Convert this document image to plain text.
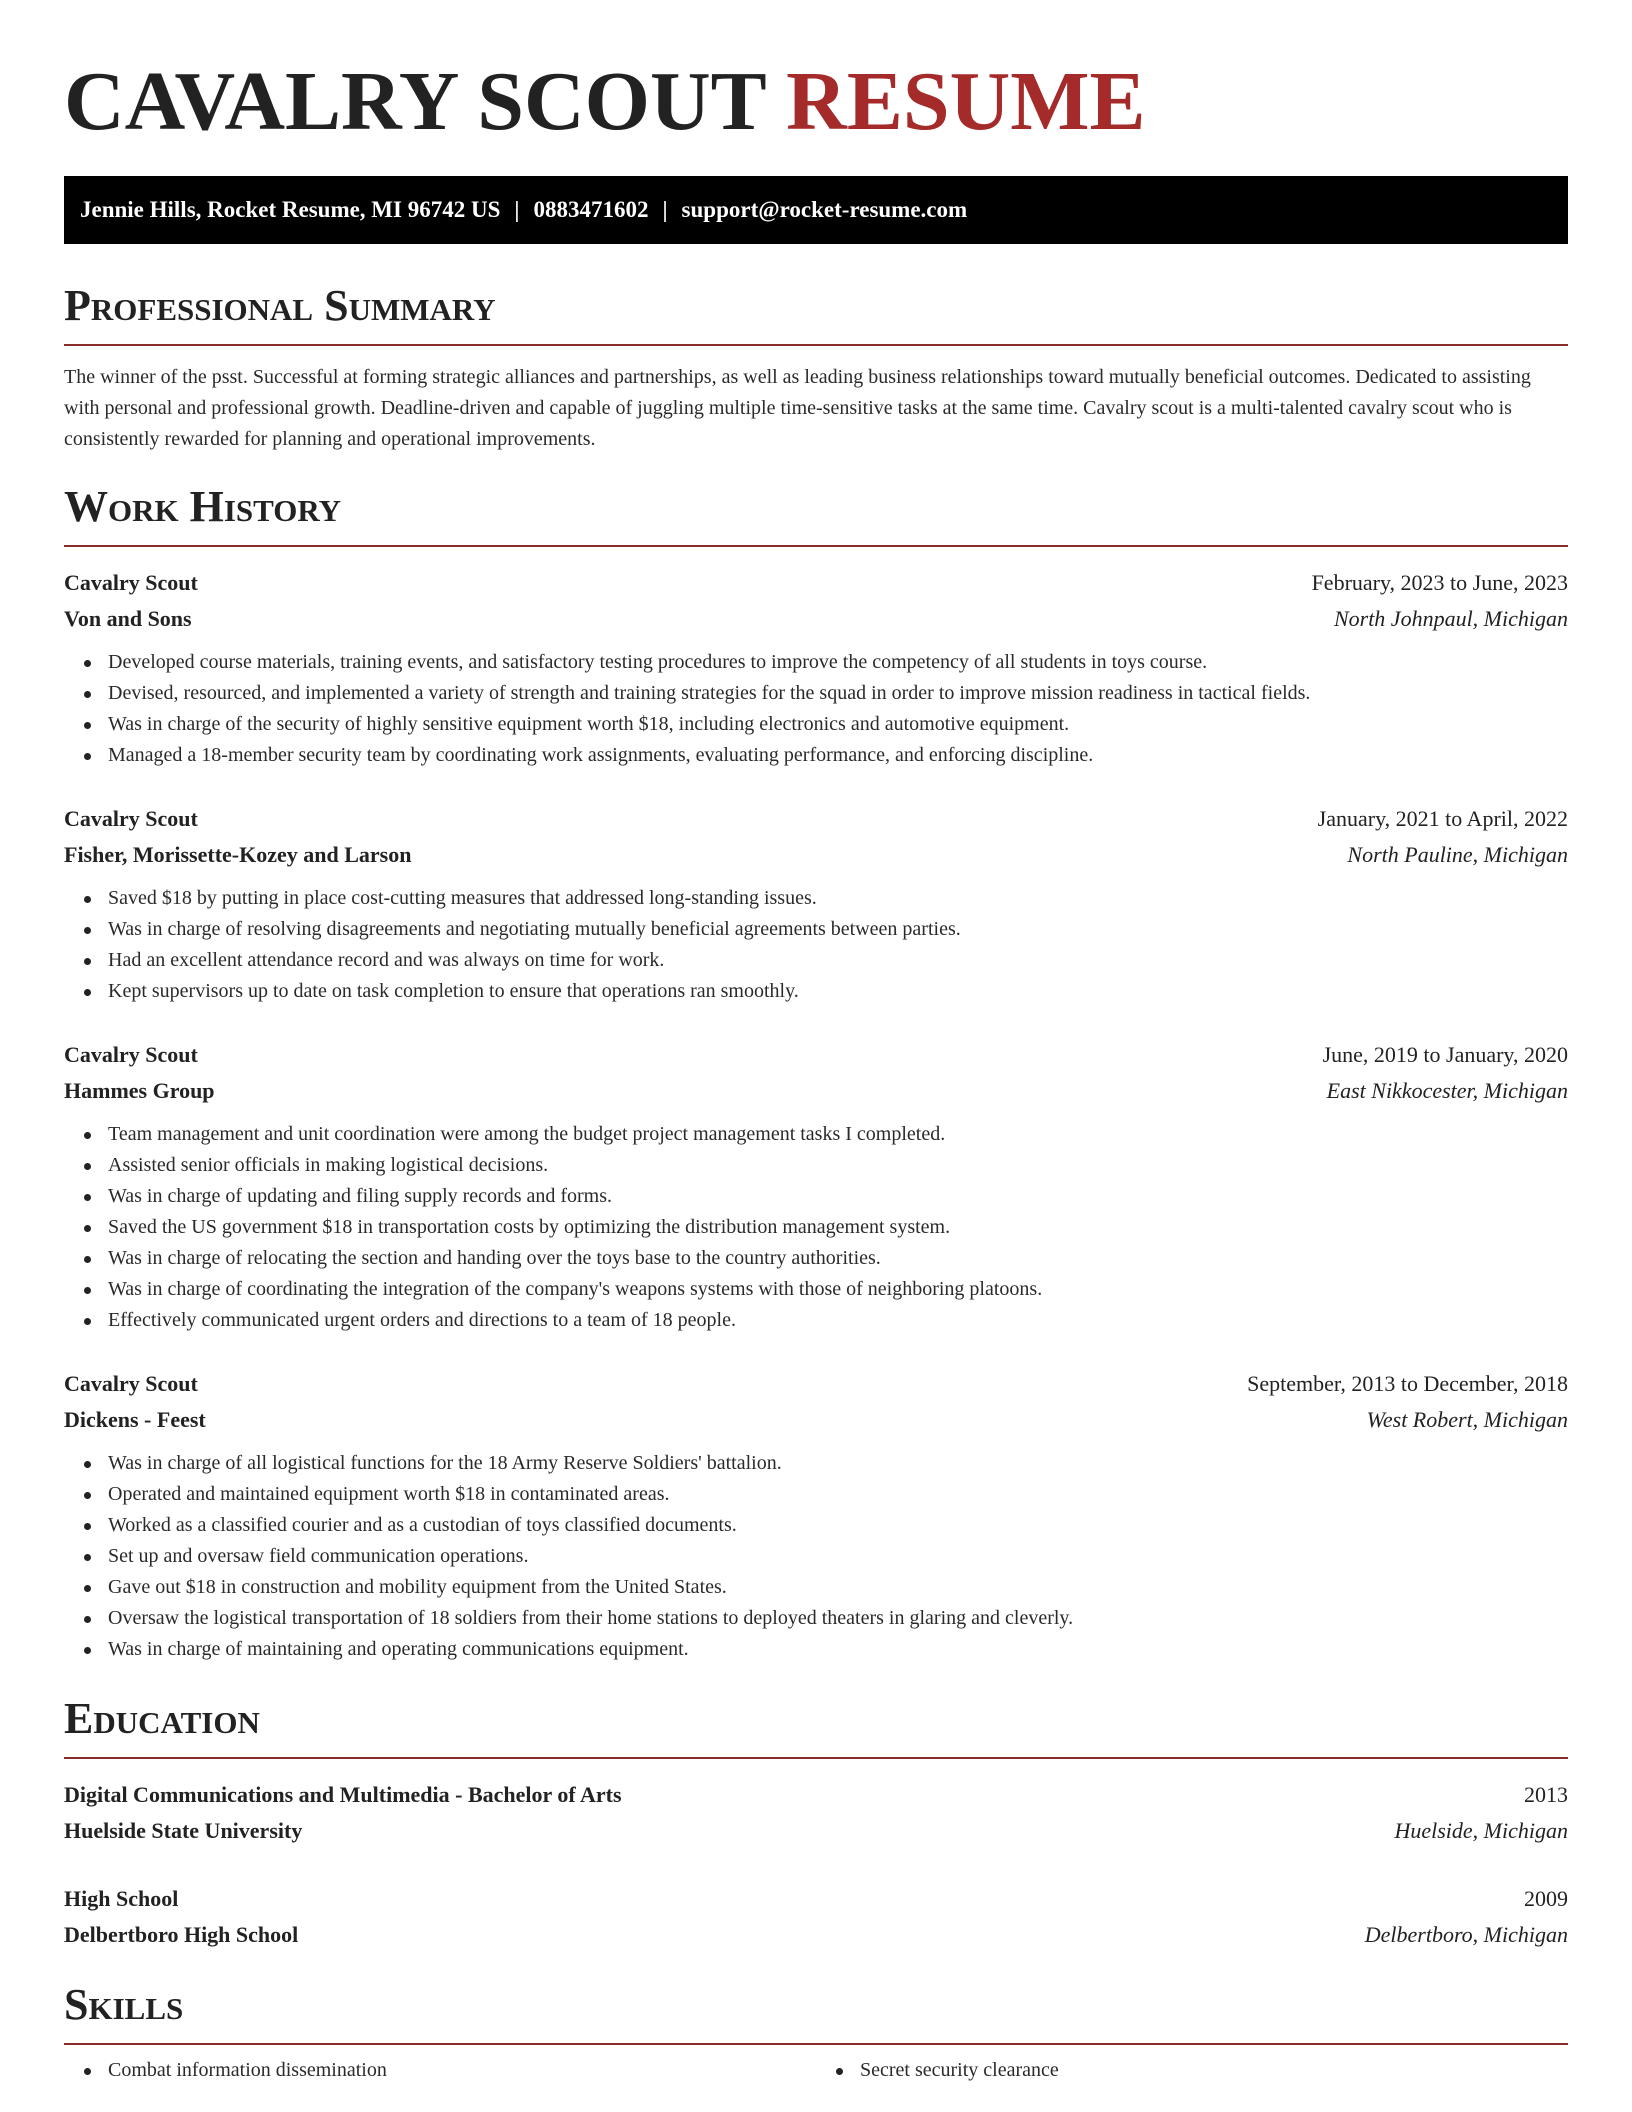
CAVALRY SCOUT RESUME
Jennie Hills, Rocket Resume, MI 96742 US | 0883471602 | support@rocket-resume.com
Professional Summary

The winner of the psst. Successful at forming strategic alliances and partnerships, as well as leading business relationships toward mutually beneficial outcomes. Dedicated to assisting with personal and professional growth. Deadline-driven and capable of juggling multiple time-sensitive tasks at the same time. Cavalry scout is a multi-talented cavalry scout who is consistently rewarded for planning and operational improvements.

Work History
Cavalry Scout	February, 2023 to June, 2023
Von and Sons	North Johnpaul, Michigan
Developed course materials, training events, and satisfactory testing procedures to improve the competency of all students in toys course.
Devised, resourced, and implemented a variety of strength and training strategies for the squad in order to improve mission readiness in tactical fields.
Was in charge of the security of highly sensitive equipment worth $18, including electronics and automotive equipment.
Managed a 18-member security team by coordinating work assignments, evaluating performance, and enforcing discipline.
Cavalry Scout	January, 2021 to April, 2022
Fisher, Morissette-Kozey and Larson	North Pauline, Michigan
Saved $18 by putting in place cost-cutting measures that addressed long-standing issues.
Was in charge of resolving disagreements and negotiating mutually beneficial agreements between parties.
Had an excellent attendance record and was always on time for work.
Kept supervisors up to date on task completion to ensure that operations ran smoothly.
Cavalry Scout	June, 2019 to January, 2020
Hammes Group	East Nikkocester, Michigan
Team management and unit coordination were among the budget project management tasks I completed.
Assisted senior officials in making logistical decisions.
Was in charge of updating and filing supply records and forms.
Saved the US government $18 in transportation costs by optimizing the distribution management system.
Was in charge of relocating the section and handing over the toys base to the country authorities.
Was in charge of coordinating the integration of the company's weapons systems with those of neighboring platoons.
Effectively communicated urgent orders and directions to a team of 18 people.
Cavalry Scout	September, 2013 to December, 2018
Dickens - Feest	West Robert, Michigan
Was in charge of all logistical functions for the 18 Army Reserve Soldiers' battalion.
Operated and maintained equipment worth $18 in contaminated areas.
Worked as a classified courier and as a custodian of toys classified documents.
Set up and oversaw field communication operations.
Gave out $18 in construction and mobility equipment from the United States.
Oversaw the logistical transportation of 18 soldiers from their home stations to deployed theaters in glaring and cleverly.
Was in charge of maintaining and operating communications equipment.
Education
Digital Communications and Multimedia - Bachelor of Arts	2013
Huelside State University	Huelside, Michigan
High School	2009
Delbertboro High School	Delbertboro, Michigan
Skills
Combat information dissemination	Secret security clearance
